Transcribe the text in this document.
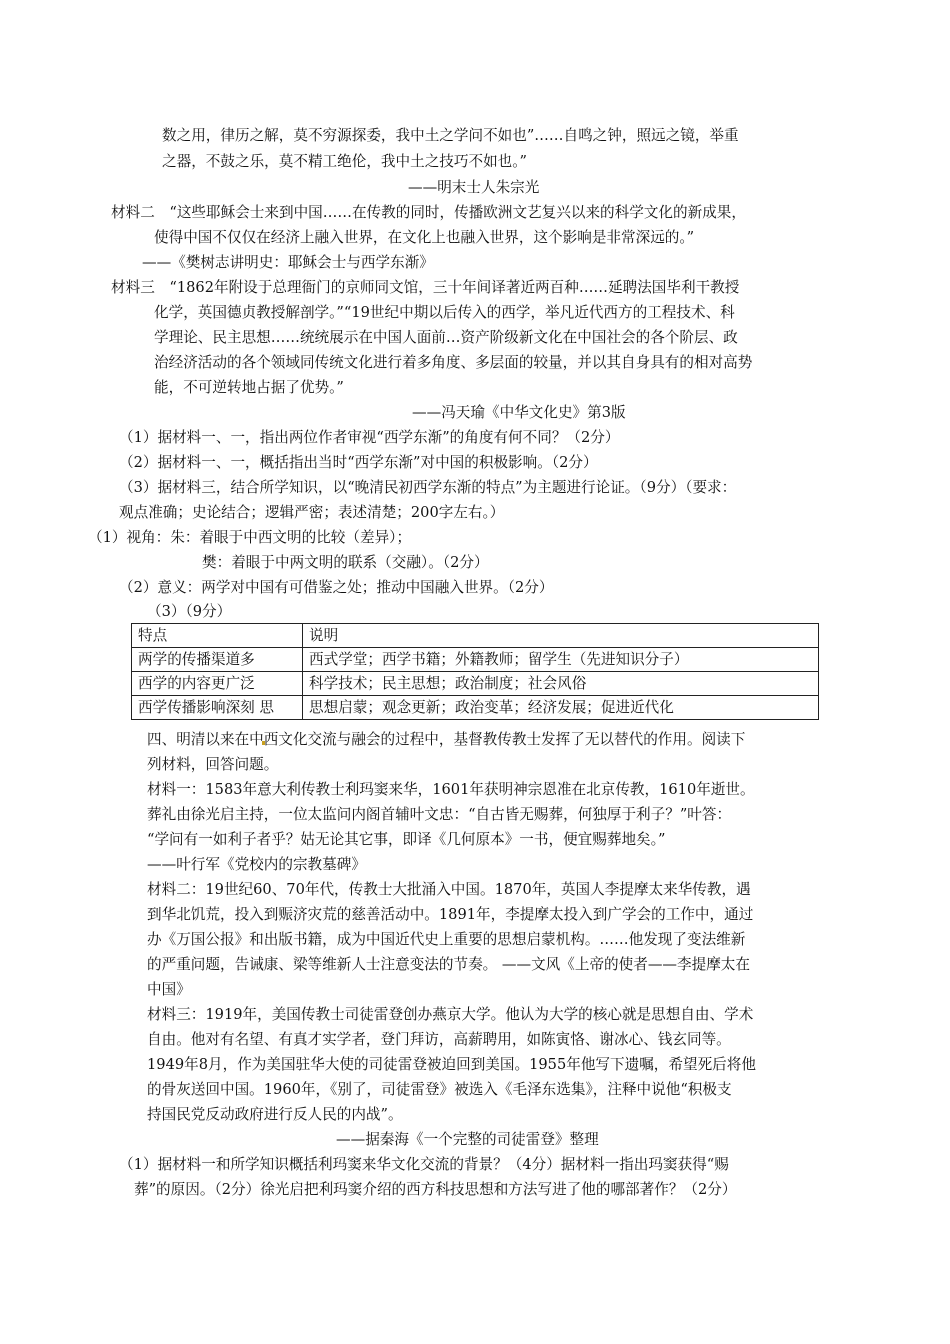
数之用，律历之解，莫不穷源探委，我中土之学问不如也”……自鸣之钟，照远之镜，举重
之器，不鼓之乐，莫不精工绝伦，我中土之技巧不如也。”
——明末士人朱宗光
材料二　“这些耶稣会士来到中国……在传教的同时，传播欧洲文艺复兴以来的科学文化的新成果，
使得中国不仅仅在经济上融入世界，在文化上也融入世界，这个影响是非常深远的。”
——《樊树志讲明史：耶稣会士与西学东渐》
材料三　“1862年附设于总理衙门的京师同文馆，三十年间译著近两百种……延聘法国毕利干教授
化学，英国德贞教授解剖学。”“19世纪中期以后传入的西学，举凡近代西方的工程技术、科
学理论、民主思想……统统展示在中国人面前…资产阶级新文化在中国社会的各个阶层、政
治经济活动的各个领域同传统文化进行着多角度、多层面的较量，并以其自身具有的相对高势
能，不可逆转地占据了优势。”
——冯天瑜《中华文化史》第3版
（1）据材料一、一，指出两位作者审视“西学东渐”的角度有何不同？（2分）
（2）据材料一、一，概括指出当时“西学东渐”对中国的积极影响。（2分）
（3）据材料三，结合所学知识，以“晚清民初西学东渐的特点”为主题进行论证。（9分）（要求：
观点准确；史论结合；逻辑严密；表述清楚；200字左右。）
（1）视角：朱：着眼于中西文明的比较（差异）；
樊：着眼于中两文明的联系（交融）。（2分）
（2）意义：两学对中国有可借鉴之处；推动中国融入世界。（2分）
（3）（9分）
特点	说明
两学的传播渠道多	西式学堂；西学书籍；外籍教师；留学生（先进知识分子）
西学的内容更广泛	科学技术；民主思想；政治制度；社会风俗
西学传播影响深刻 思	思想启蒙；观念更新；政治变革；经济发展；促进近代化
四、明清以来在中西文化交流与融会的过程中，基督教传教士发挥了无以替代的作用。阅读下
列材料，回答问题。
材料一：1583年意大利传教士利玛窦来华，1601年获明神宗恩准在北京传教，1610年逝世。
葬礼由徐光启主持，一位太监问内阁首辅叶文忠：“自古皆无赐葬，何独厚于利子？”叶答：
“学问有一如利子者乎？姑无论其它事，即译《几何原本》一书，便宜赐葬地矣。”
——叶行军《党校内的宗教墓碑》
材料二：19世纪60、70年代，传教士大批涌入中国。1870年，英国人李提摩太来华传教，遇
到华北饥荒，投入到赈济灾荒的慈善活动中。1891年，李提摩太投入到广学会的工作中，通过
办《万国公报》和出版书籍，成为中国近代史上重要的思想启蒙机构。……他发现了变法维新
的严重问题，告诫康、梁等维新人士注意变法的节奏。 ——文风《上帝的使者——李提摩太在
中国》
材料三：1919年，美国传教士司徒雷登创办燕京大学。他认为大学的核心就是思想自由、学术
自由。他对有名望、有真才实学者，登门拜访，高薪聘用，如陈寅恪、谢冰心、钱玄同等。
1949年8月，作为美国驻华大使的司徒雷登被迫回到美国。1955年他写下遗嘱，希望死后将他
的骨灰送回中国。1960年，《别了，司徒雷登》被选入《毛泽东选集》，注释中说他“积极支
持国民党反动政府进行反人民的内战”。
——据秦海《一个完整的司徒雷登》整理
（1）据材料一和所学知识概括利玛窦来华文化交流的背景？（4分）据材料一指出玛窦获得“赐
葬”的原因。（2分）徐光启把利玛窦介绍的西方科技思想和方法写进了他的哪部著作？（2分）
